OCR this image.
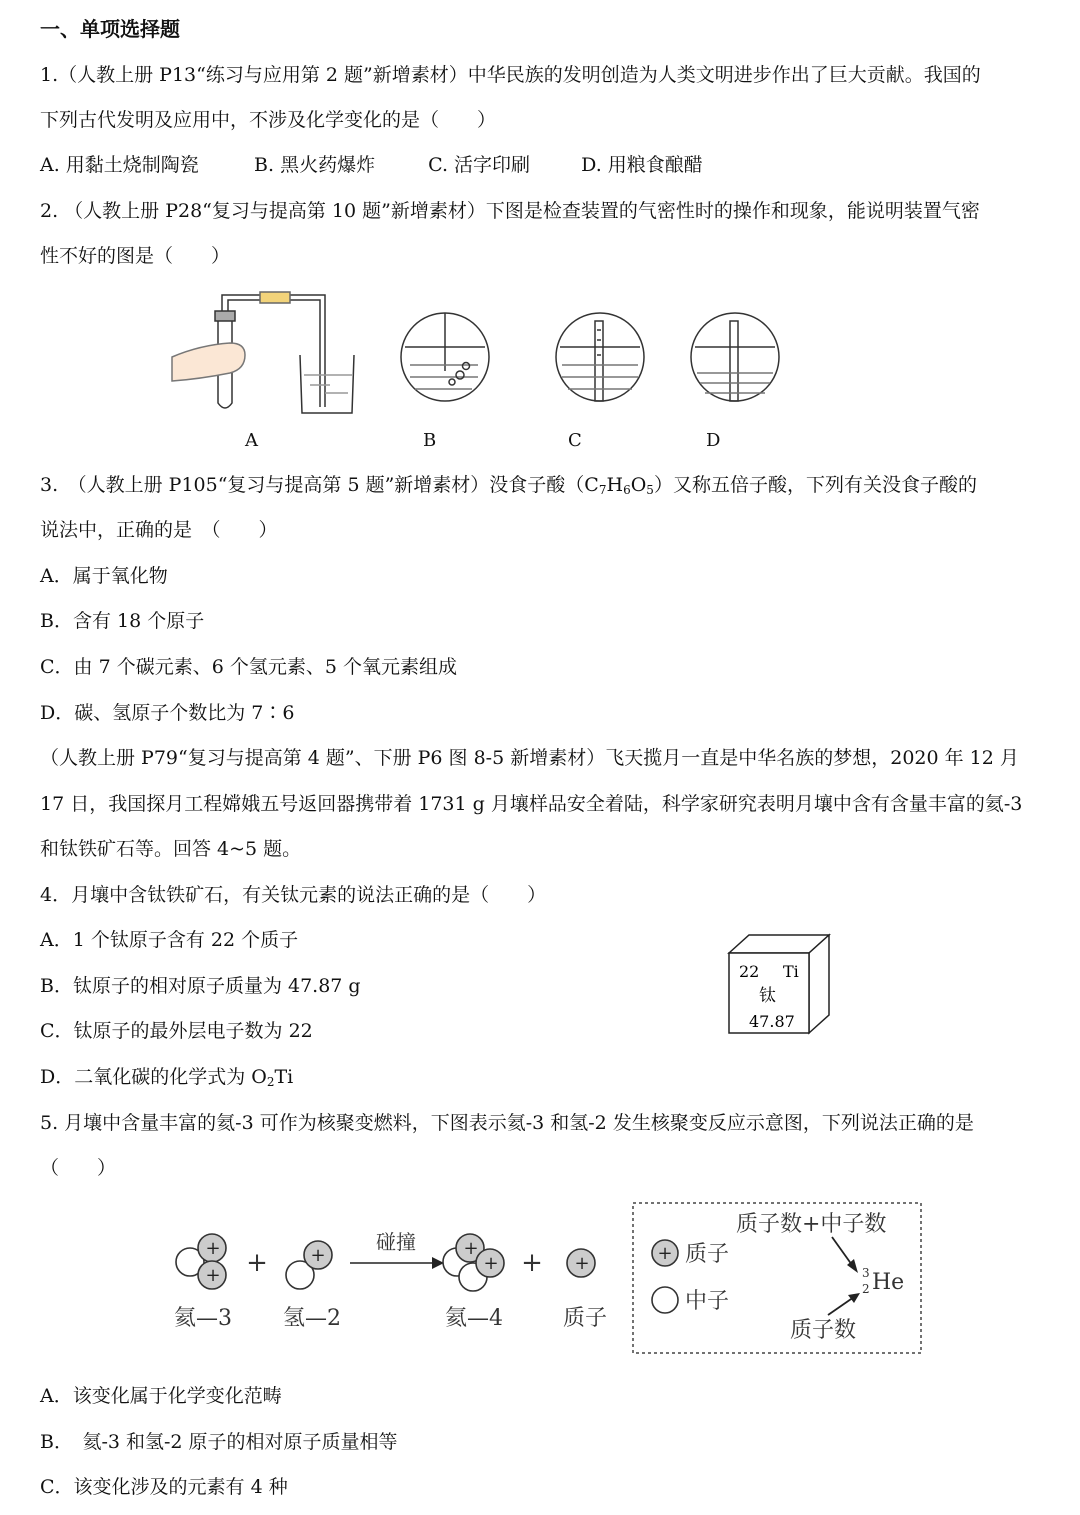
一、单项选择题
1.（人教上册 P13“练习与应用第 2 题”新增素材）中华民族的发明创造为人类文明进步作出了巨大贡献。我国的
下列古代发明及应用中，不涉及化学变化的是（　　）
A. 用黏土烧制陶瓷	B. 黑火药爆炸	C. 活字印刷	D. 用粮食酿醋
2. （人教上册 P28“复习与提高第 10 题”新增素材）下图是检查装置的气密性时的操作和现象，能说明装置气密
性不好的图是（　　）
A	B	C	D
3.　（人教上册 P105“复习与提高第 5 题”新增素材）没食子酸$(C_7H_6O_5)$又称五倍子酸，下列有关没食子酸的
说法中，正确的是　（　　）
A．属于氧化物
B．含有 18 个原子
C．由 7 个碳元素、6 个氢元素、5 个氧元素组成
D．碳、氢原子个数比为 7∶6
（人教上册 P79“复习与提高第 4 题”、下册 P6 图 8-5 新增素材）飞天揽月一直是中华名族的梦想，2020 年 12 月
17 日，我国探月工程嫦娥五号返回器携带着 1731 g 月壤样品安全着陆，科学家研究表明月壤中含有含量丰富的氦-3
和钛铁矿石等。回答 4~5 题。
4．月壤中含钛铁矿石，有关钛元素的说法正确的是（　　）
A．1 个钛原子含有 22 个质子
B．钛原子的相对原子质量为 47.87 g
C．钛原子的最外层电子数为 22
D．二氧化碳的化学式为 $O_2Ti$
22 Ti
钛
47.87
5. 月壤中含量丰富的氦-3 可作为核聚变燃料，下图表示氦-3 和氢-2 发生核聚变反应示意图，下列说法正确的是
（　　）
+
+ + +
碰撞	+
+ + +
氦—3 氢—2	氦—4	质子
+ 质子
中子
质子数+中子数
3
2 He
质子数
A．该变化属于化学变化范畴
B．　氦-3 和氢-2 原子的相对原子质量相等
C．该变化涉及的元素有 4 种
